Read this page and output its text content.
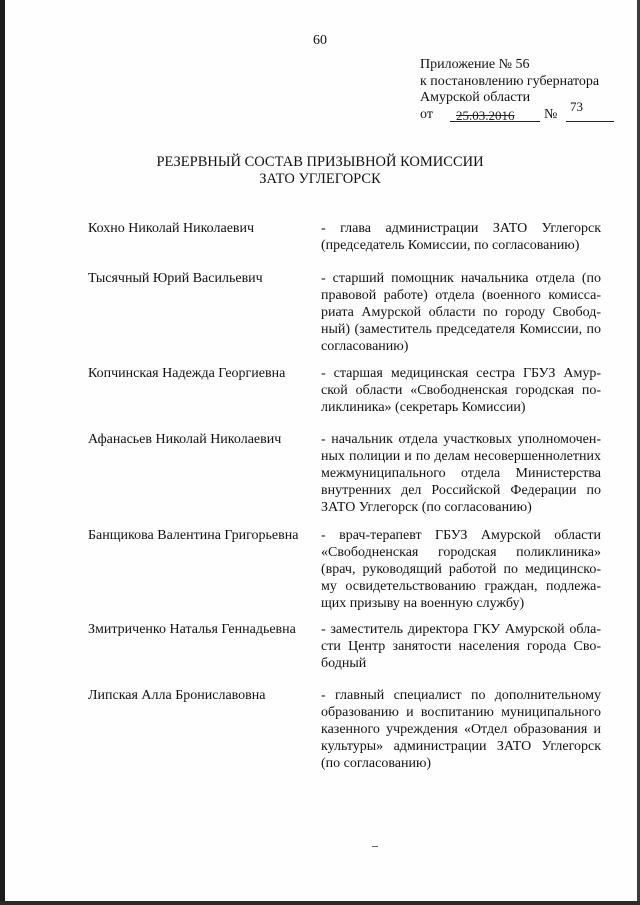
60
Приложение № 56
к постановлению губернатора
Амурской области
от 25.03.2016 №
73
РЕЗЕРВНЫЙ СОСТАВ ПРИЗЫВНОЙ КОМИССИИ
ЗАТО УГЛЕГОРСК
Кохно Николай Николаевич	- глава администрации ЗАТО Углегорск
(председатель Комиссии, по согласованию)
Тысячный Юрий Васильевич	- старший помощник начальника отдела (по
правовой работе) отдела (военного комисса-
риата Амурской области по городу Свобод-
ный) (заместитель председателя Комиссии, по
согласованию)
Копчинская Надежда Георгиевна	- старшая медицинская сестра ГБУЗ Амур-
ской области «Свободненская городская по-
ликлиника» (секретарь Комиссии)
Афанасьев Николай Николаевич	- начальник отдела участковых уполномочен-
ных полиции и по делам несовершеннолетних
межмуниципального отдела Министерства
внутренних дел Российской Федерации по
ЗАТО Углегорск (по согласованию)
Банщикова Валентина Григорьевна	- врач-терапевт ГБУЗ Амурской области
«Свободненская городская поликлиника»
(врач, руководящий работой по медицинско-
му освидетельствованию граждан, подлежа-
щих призыву на военную службу)
Змитриченко Наталья Геннадьевна	- заместитель директора ГКУ Амурской обла-
сти Центр занятости населения города Сво-
бодный
Липская Алла Брониславовна	- главный специалист по дополнительному
образованию и воспитанию муниципального
казенного учреждения «Отдел образования и
культуры» администрации ЗАТО Углегорск
(по согласованию)
